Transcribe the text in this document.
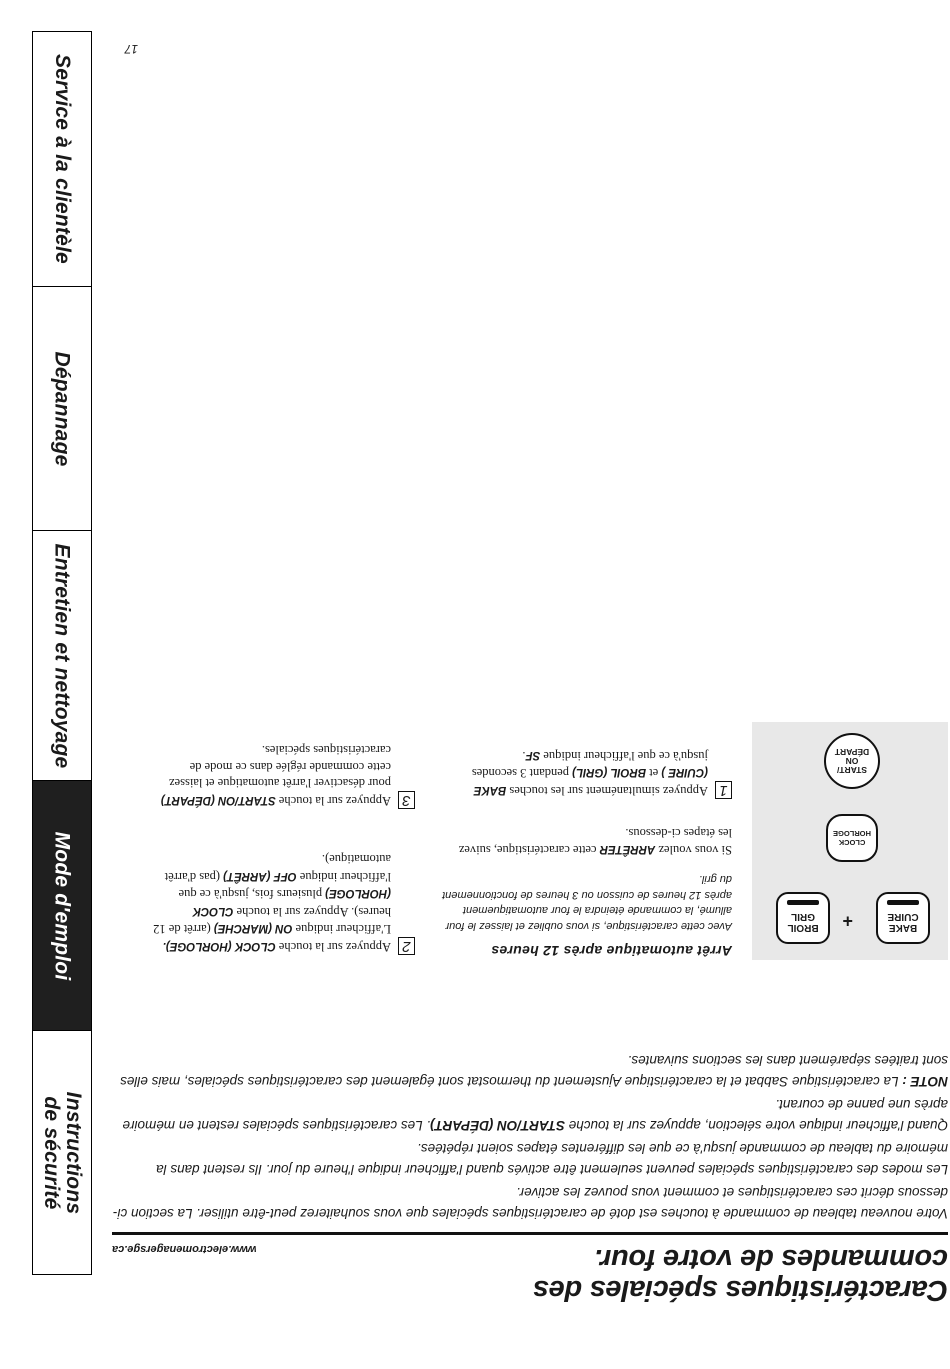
Instructions de sécurité
Mode d'emploi
Entretien et nettoyage
Dépannage
Service à la clientèle
Caractéristiques spéciales des
commandes de votre four.
www.electromenagersge.ca

Votre nouveau tableau de commande à touches est doté de caractéristiques spéciales que vous souhaiterez peut-être utiliser. La section ci-dessous décrit ces caractéristiques et comment vous pouvez les activer.

Les modes des caractéristiques spéciales peuvent seulement être activés quand l'afficheur indique l'heure du jour. Ils restent dans la mémoire du tableau de commande jusqu'à ce que les différentes étapes soient répétées.

Quand l'afficheur indique votre sélection, appuyez sur la touche START/ON (DÉPART). Les caractéristiques spéciales restent en mémoire après une panne de courant.

NOTE : La caractéristique Sabbat et la caractéristique Ajustement du thermostat sont également des caractéristiques spéciales, mais elles sont traitées séparément dans les sections suivantes.

BAKE
CUIRE
+
BROIL
GRIL
CLOCK
HORLOGE
START/
ON
DÉPART
Arrêt automatique après 12 heures
Avec cette caractéristique, si vous oubliez et laissez le four allumé, la commande éteindra le four automatiquement après 12 heures de cuisson ou 3 heures de fonctionnement du gril.
Si vous voulez ARRÊTER cette caractéristique, suivez les étapes ci-dessous.
1
Appuyez simultanément sur les touches BAKE (CUIRE ) et BROIL (GRIL) pendant 3 secondes jusqu'à ce que l'afficheur indique SF.
2
Appuyez sur la touche CLOCK (HORLOGE). L'afficheur indique ON (MARCHE) (arrêt de 12 heures). Appuyez sur la touche CLOCK (HORLOGE) plusieurs fois, jusqu'à ce que l'afficheur indique OFF (ARRÊT) (pas d'arrêt automatique).
3
Appuyez sur la touche START/ON (DÉPART) pour désactiver l'arrêt automatique et laissez cette commande réglée dans ce mode de caractéristiques spéciales.
17
